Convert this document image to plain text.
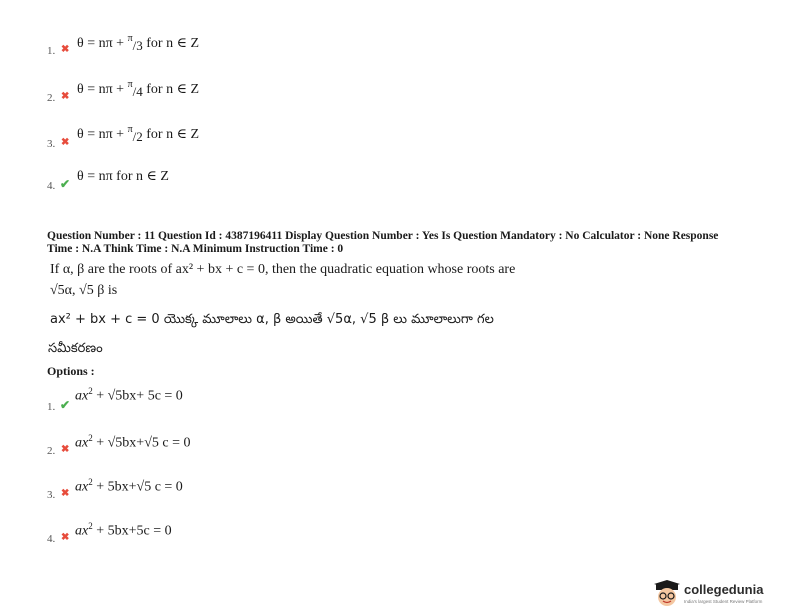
1. ✖ θ = nπ + $^\pi$/3 for n ∈ Z
2. ✖ θ = nπ + $^\pi$/4 for n ∈ Z
3. ✖
θ = nπ + $^\pi$/2 for n ∈ Z
4. ✔ θ = nπ for n ∈ Z
Question Number : 11 Question Id : 4387196411 Display Question Number : Yes Is Question Mandatory : No Calculator : None Response
Time : N.A Think Time : N.A Minimum Instruction Time : 0
If α, β are the roots of ax² + bx + c = 0, then the quadratic equation whose roots are
√5α, √5 β is
ax² + bx + c = 0 యొక్క మూలాలు α, β అయితే √5α, √5 β లు మూలాలుగా గల
సమీకరణం
Options :
1. ✔
$ax^2 + √5bx+ 5c = 0$
2. ✖ $ax^2 + √5bx+√5$ c = 0
3. ✖ $ax^2 + 5bx+√5$ c = 0
4. ✖ $ax^2 + 5bx+5c = 0$
collegedunia
India's largest Student Review Platform
